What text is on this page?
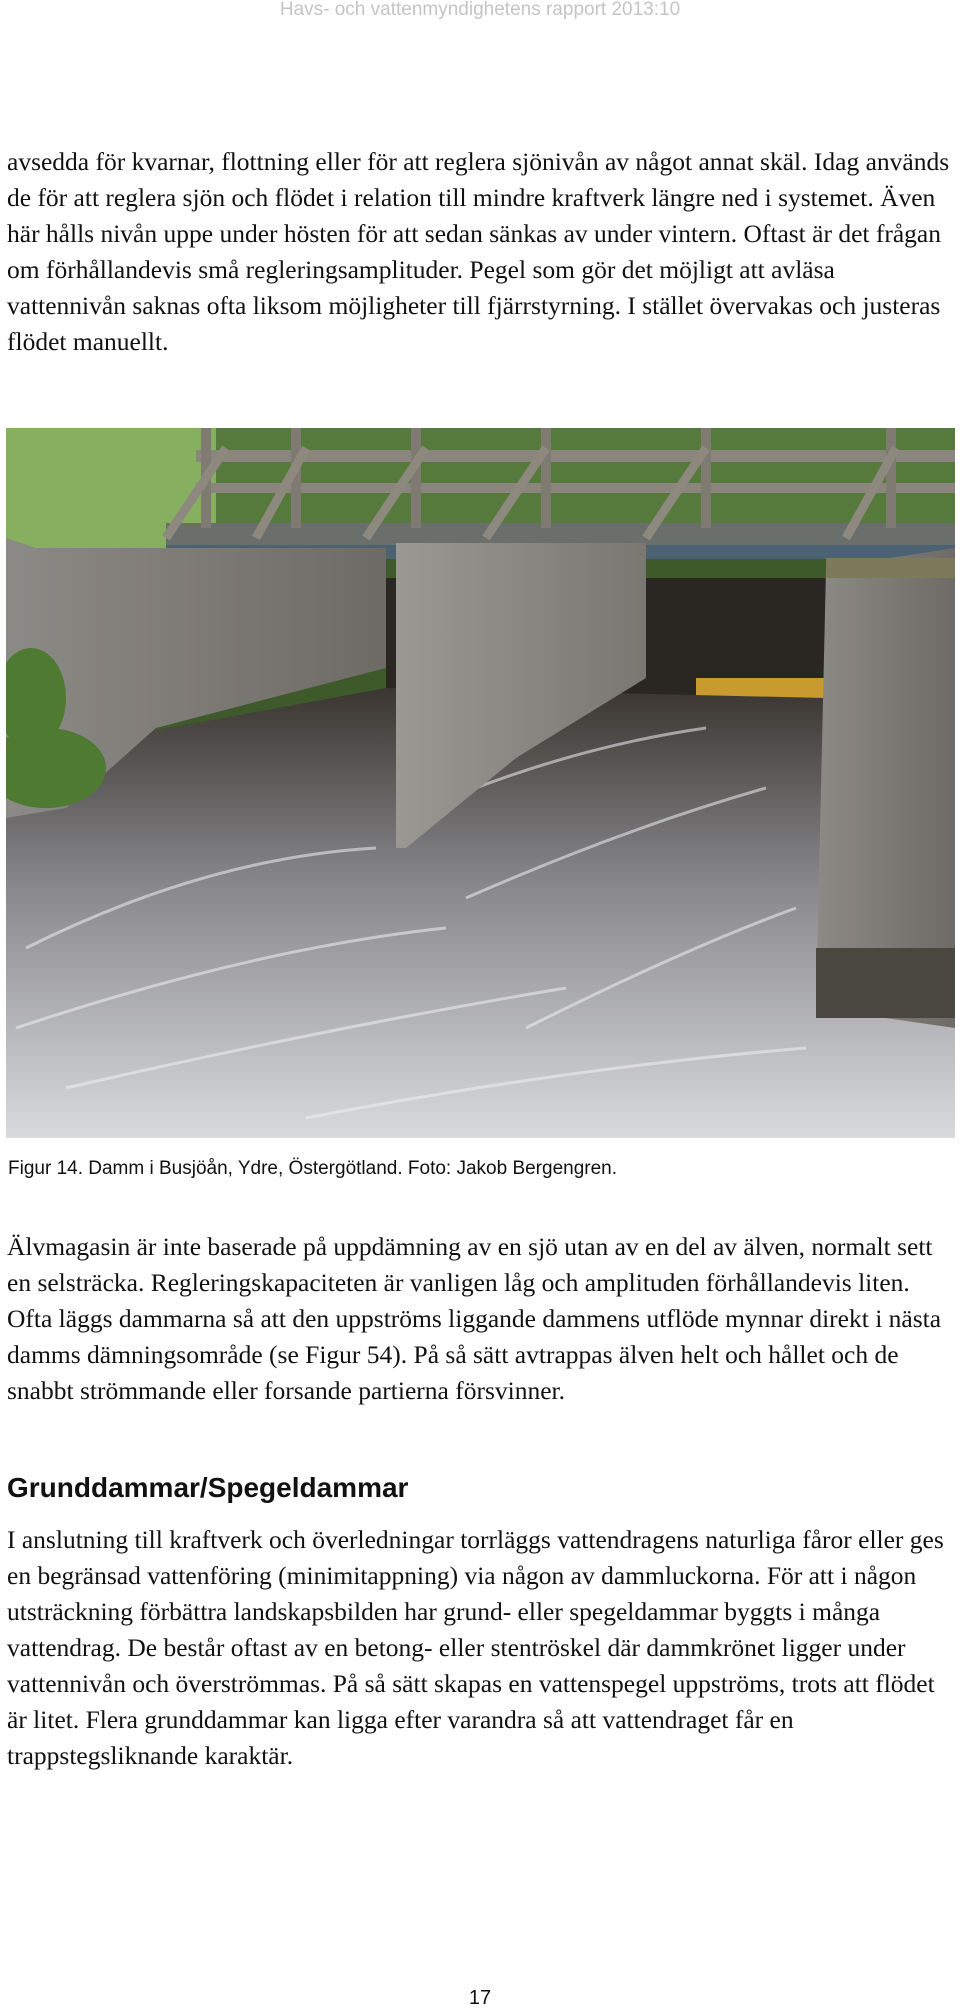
Havs- och vattenmyndighetens rapport 2013:10

avsedda för kvarnar, flottning eller för att reglera sjönivån av något annat skäl. Idag används de för att reglera sjön och flödet i relation till mindre kraftverk längre ned i systemet. Även här hålls nivån uppe under hösten för att sedan sänkas av under vintern. Oftast är det frågan om förhållandevis små regleringsamplituder. Pegel som gör det möjligt att avläsa vattennivån saknas ofta liksom möjligheter till fjärrstyrning. I stället övervakas och justeras flödet manuellt.

Figur 14. Damm i Busjöån, Ydre, Östergötland. Foto: Jakob Bergengren.

Älvmagasin är inte baserade på uppdämning av en sjö utan av en del av älven, normalt sett en selsträcka. Regleringskapaciteten är vanligen låg och amplituden förhållandevis liten. Ofta läggs dammarna så att den uppströms liggande dammens utflöde mynnar direkt i nästa damms dämningsområde (se Figur 54). På så sätt avtrappas älven helt och hållet och de snabbt strömmande eller forsande partierna försvinner.

Grunddammar/Spegeldammar

I anslutning till kraftverk och överledningar torrläggs vattendragens naturliga fåror eller ges en begränsad vattenföring (minimitappning) via någon av dammluckorna. För att i någon utsträckning förbättra landskapsbilden har grund- eller spegeldammar byggts i många vattendrag. De består oftast av en betong- eller stentröskel där dammkrönet ligger under vattennivån och överströmmas. På så sätt skapas en vattenspegel uppströms, trots att flödet är litet. Flera grunddammar kan ligga efter varandra så att vattendraget får en trappstegsliknande karaktär.

17
